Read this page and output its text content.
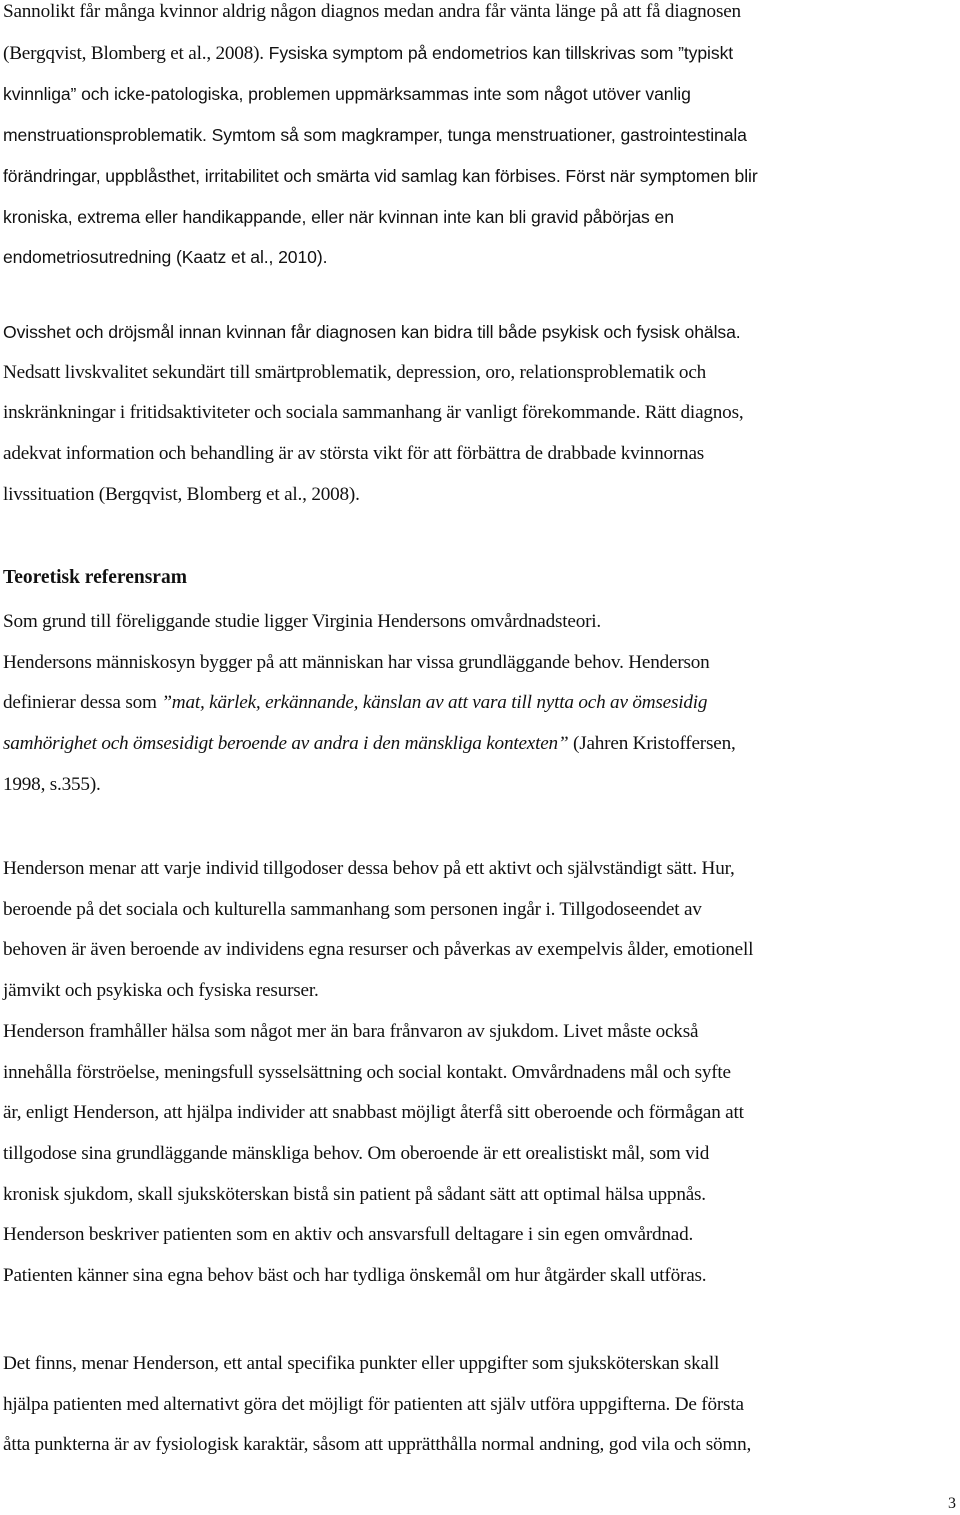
Sannolikt får många kvinnor aldrig någon diagnos medan andra får vänta länge på att få diagnosen
(Bergqvist, Blomberg et al., 2008). Fysiska symptom på endometrios kan tillskrivas som ”typiskt
kvinnliga” och icke-patologiska, problemen uppmärksammas inte som något utöver vanlig
menstruationsproblematik. Symtom så som magkramper, tunga menstruationer, gastrointestinala
förändringar, uppblåsthet, irritabilitet och smärta vid samlag kan förbises. Först när symptomen blir
kroniska, extrema eller handikappande, eller när kvinnan inte kan bli gravid påbörjas en
endometriosutredning (Kaatz et al., 2010).
Ovisshet och dröjsmål innan kvinnan får diagnosen kan bidra till både psykisk och fysisk ohälsa.
Nedsatt livskvalitet sekundärt till smärtproblematik, depression, oro, relationsproblematik och
inskränkningar i fritidsaktiviteter och sociala sammanhang är vanligt förekommande. Rätt diagnos,
adekvat information och behandling är av största vikt för att förbättra de drabbade kvinnornas
livssituation (Bergqvist, Blomberg et al., 2008).
Teoretisk referensram
Som grund till föreliggande studie ligger Virginia Hendersons omvårdnadsteori.
Hendersons människosyn bygger på att människan har vissa grundläggande behov. Henderson
definierar dessa som ”mat, kärlek, erkännande, känslan av att vara till nytta och av ömsesidig
samhörighet och ömsesidigt beroende av andra i den mänskliga kontexten” (Jahren Kristoffersen,
1998, s.355).
Henderson menar att varje individ tillgodoser dessa behov på ett aktivt och självständigt sätt. Hur,
beroende på det sociala och kulturella sammanhang som personen ingår i. Tillgodoseendet av
behoven är även beroende av individens egna resurser och påverkas av exempelvis ålder, emotionell
jämvikt och psykiska och fysiska resurser.
Henderson framhåller hälsa som något mer än bara frånvaron av sjukdom. Livet måste också
innehålla förströelse, meningsfull sysselsättning och social kontakt. Omvårdnadens mål och syfte
är, enligt Henderson, att hjälpa individer att snabbast möjligt återfå sitt oberoende och förmågan att
tillgodose sina grundläggande mänskliga behov. Om oberoende är ett orealistiskt mål, som vid
kronisk sjukdom, skall sjuksköterskan bistå sin patient på sådant sätt att optimal hälsa uppnås.
Henderson beskriver patienten som en aktiv och ansvarsfull deltagare i sin egen omvårdnad.
Patienten känner sina egna behov bäst och har tydliga önskemål om hur åtgärder skall utföras.
Det finns, menar Henderson, ett antal specifika punkter eller uppgifter som sjuksköterskan skall
hjälpa patienten med alternativt göra det möjligt för patienten att själv utföra uppgifterna. De första
åtta punkterna är av fysiologisk karaktär, såsom att upprätthålla normal andning, god vila och sömn,
3
